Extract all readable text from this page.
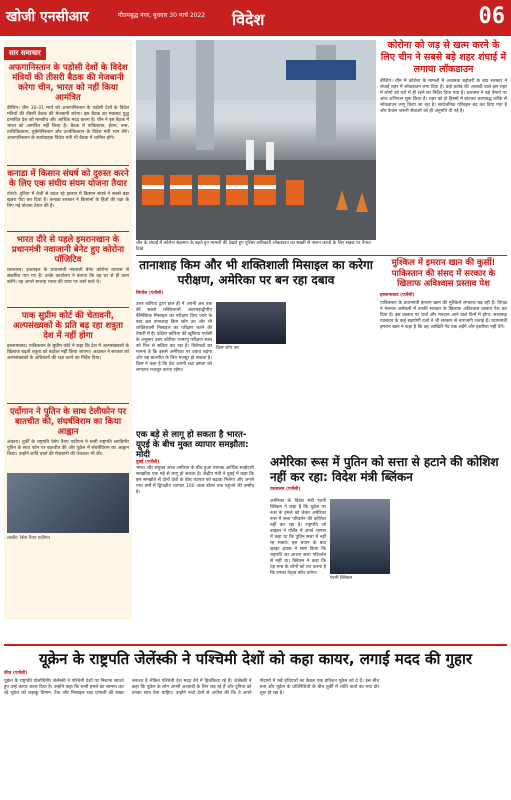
खोजी एनसीआर	गौतमबुद्ध नगर, बुधवार 30 मार्च 2022	विदेश	06
सार समाचार
अफगानिस्तान के पड़ोसी देशों के विदेश मंत्रियों की तीसरी बैठक की मेजबानी करेगा चीन, भारत को नहीं किया आमंत्रित
बीजिंग। चीन 30-31 मार्च को अफगानिस्तान के पड़ोसी देशों के विदेश मंत्रियों की तीसरी बैठक की मेजबानी करेगा। इस बैठक का मकसद युद्ध प्रभावित देश को मानवीय और आर्थिक मदद करना है। चीन ने इस बैठक में भारत को आमंत्रित नहीं किया है। बैठक में पाकिस्तान, ईरान, रूस, ताजिकिस्तान, तुर्कमेनिस्तान और उज्बेकिस्तान के विदेश मंत्री भाग लेंगे। अफगानिस्तान के कार्यवाहक विदेश मंत्री भी बैठक में शामिल होंगे।
कनाडा में किसान संघर्ष को दुरुस्त करने के लिए एक संघीय संयम योजना तैयार
टोरंटो। दुनिया में तेजी से बदल रहे हालात में किसान संघर्ष ने सबसे बड़ा खतरा पैदा कर दिया है। कनाडा सरकार ने किसानों के हितों की रक्षा के लिए नई योजना तैयार की है।
भारत दौरे से पहले इमरानखान के प्रधानमंत्री नवाजानी बेनेट हुए कोरोना पॉजिटिव
यरुशलम। इजराइल के प्रधानमंत्री नफ्ताली बेनेट कोरोना वायरस से संक्रमित पाए गए हैं। उनके कार्यालय ने बताया कि वह घर से ही काम करेंगे। वह अगले सप्ताह भारत की यात्रा पर आने वाले थे।
पाक सुप्रीम कोर्ट की चेतावनी, अल्पसंख्यकों के प्रति बढ़ रहा शत्रुता देश में नहीं होगा
इस्लामाबाद। पाकिस्तान के सुप्रीम कोर्ट ने कहा कि देश में अल्पसंख्यकों के खिलाफ बढ़ती शत्रुता को बर्दाश्त नहीं किया जाएगा। अदालत ने सरकार को अल्पसंख्यकों के अधिकारों की रक्षा करने का निर्देश दिया।
एर्दोगान ने पुतिन के साथ टेलीफोन पर बातचीत की, संघर्षविराम का किया आह्वान
अंकारा। तुर्की के राष्ट्रपति रेसेप तैयप एर्दोगान ने रूसी राष्ट्रपति व्लादिमीर पुतिन के साथ फोन पर बातचीत की और यूक्रेन में संघर्षविराम का आह्वान किया। उन्होंने शांति वार्ता की मेजबानी की पेशकश भी की।
तस्वीर: रेसेप तैयप एर्दोगान
चीन के शंघाई में कोरोना संक्रमण के बढ़ते हुए मामलों की देखते हुए पुलिस अधिकारी लॉकडाउन का सख्ती से पालन कराते के लिए सड़क पर तैनात दिखे
कोरोना को जड़ से खत्म करने के लिए चीन ने सबसे बड़े शहर शंघाई में लगाया लॉकडाउन
बीजिंग। चीन में कोरोना के मामलों में अचानक बढ़ोतरी के बाद सरकार ने शंघाई शहर में लॉकडाउन लगा दिया है। ढाई करोड़ की आबादी वाले इस शहर में लोगों को घरों में ही रहने का निर्देश दिया गया है। प्रशासन ने बड़े पैमाने पर जांच अभियान शुरू किया है। शहर को दो हिस्सों में बांटकर चरणबद्ध तरीके से लॉकडाउन लागू किया जा रहा है। सार्वजनिक परिवहन बंद कर दिया गया है और केवल जरूरी सेवाओं को ही अनुमति दी गई है।
तानाशाह किम और भी शक्तिशाली मिसाइल का करेगा परीक्षण, अमेरिका पर बन रहा दबाव
सियोल (एजेंसी)
उत्तर कोरिया द्वारा हाल ही में अपनी अब तक की सबसे शक्तिशाली अंतरमहाद्वीपीय बैलिस्टिक मिसाइल का परीक्षण किए जाने के बाद अब तानाशाह किम जोंग उन और भी शक्तिशाली मिसाइल का परीक्षण करने की तैयारी में हैं। दक्षिण कोरिया की खुफिया एजेंसी के अनुसार उत्तर कोरिया परमाणु परीक्षण स्थल को फिर से सक्रिय कर रहा है। विशेषज्ञों का मानना है कि इससे अमेरिका पर दबाव बढ़ेगा और वह बातचीत के लिए मजबूर हो सकता है। किम ने कहा है कि देश अपनी रक्षा क्षमता को लगातार मजबूत करता रहेगा।
किम जोंग उन
मुश्किल में इमरान खान की कुर्सी! पाकिस्तान की संसद में सरकार के खिलाफ अविश्वास प्रस्ताव पेश
इस्लामाबाद (एजेंसी)
पाकिस्तान के प्रधानमंत्री इमरान खान की मुश्किलें लगातार बढ़ रही हैं। विपक्ष ने नेशनल असेंबली में उनकी सरकार के खिलाफ अविश्वास प्रस्ताव पेश कर दिया है। इस प्रस्ताव पर चर्चा और मतदान आने वाले दिनों में होगा। सत्तारूढ़ गठबंधन के कई सहयोगी दलों ने भी सरकार से नाराजगी जताई है। प्रधानमंत्री इमरान खान ने कहा है कि वह आखिरी गेंद तक लड़ेंगे और इस्तीफा नहीं देंगे।
एक बड़े से लागू हो सकता है भारत-यूएई के बीच मुक्त व्यापार समझौता: मोदी
दुबई (एजेंसी)
भारत और संयुक्त अरब अमीरात के बीच हुआ व्यापक आर्थिक साझेदारी समझौता एक मई से लागू हो सकता है। केंद्रीय मंत्री ने दुबई में कहा कि इस समझौते से दोनों देशों के बीच व्यापार को बढ़ावा मिलेगा और अगले पांच वर्षों में द्विपक्षीय व्यापार 100 अरब डॉलर तक पहुंचने की उम्मीद है।
अमेरिका रूस में पुतिन को सत्ता से हटाने की कोशिश नहीं कर रहा: विदेश मंत्री ब्लिंकन
यरुशलम (एजेंसी)
अमेरिका के विदेश मंत्री एंटनी ब्लिंकन ने कहा है कि यूक्रेन पर रूस के हमले को लेकर अमेरिका रूस में सत्ता परिवर्तन की कोशिश नहीं कर रहा है। राष्ट्रपति जो बाइडन ने पोलैंड में अपने भाषण में कहा था कि पुतिन सत्ता में नहीं रह सकते। इस बयान के बाद व्हाइट हाउस ने स्पष्ट किया कि राष्ट्रपति का आशय सत्ता परिवर्तन से नहीं था। ब्लिंकन ने कहा कि यह रूस के लोगों को तय करना है कि उनका नेतृत्व कौन करेगा।
एंटनी ब्लिंकन
यूक्रेन के राष्ट्रपति जेलेंस्की ने पश्चिमी देशों को कहा कायर, लगाई मदद की गुहार
कीव (एजेंसी)
यूक्रेन के राष्ट्रपति वोलोदिमीर जेलेंस्की ने पश्चिमी देशों पर निशाना साधते हुए उन्हें कायर करार दिया है। उन्होंने कहा कि रूसी हमले का सामना कर रहे यूक्रेन को लड़ाकू विमान, टैंक और मिसाइल रक्षा प्रणाली की सख्त जरूरत है लेकिन पश्चिमी देश मदद देने में हिचकिचा रहे हैं। जेलेंस्की ने कहा कि यूक्रेन के लोग अपनी आजादी के लिए लड़ रहे हैं और दुनिया को उनका साथ देना चाहिए। उन्होंने नाटो देशों से अपील की कि वे अपने गोदामों में रखे हथियारों का केवल एक प्रतिशत यूक्रेन को दे दें। इस बीच रूस और यूक्रेन के प्रतिनिधियों के बीच तुर्की में शांति वार्ता का नया दौर शुरू हो रहा है।
